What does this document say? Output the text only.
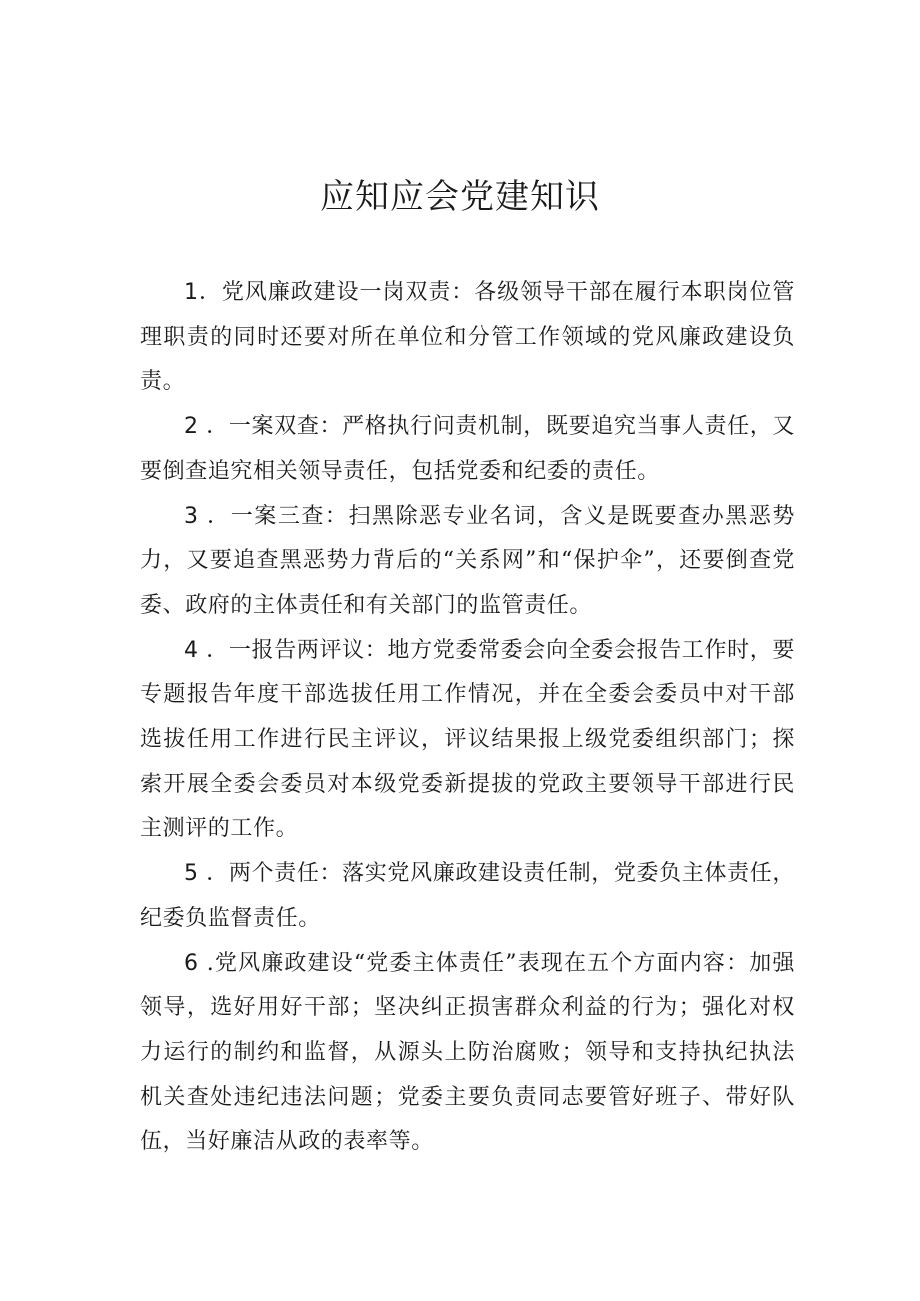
应知应会党建知识

1．党风廉政建设一岗双责：各级领导干部在履行本职岗位管理职责的同时还要对所在单位和分管工作领域的党风廉政建设负责。

2 ．一案双查：严格执行问责机制，既要追究当事人责任，又要倒查追究相关领导责任，包括党委和纪委的责任。

3 ．一案三查：扫黑除恶专业名词，含义是既要查办黑恶势力，又要追查黑恶势力背后的“关系网”和“保护伞”，还要倒查党委、政府的主体责任和有关部门的监管责任。

4 ．一报告两评议：地方党委常委会向全委会报告工作时，要专题报告年度干部选拔任用工作情况，并在全委会委员中对干部选拔任用工作进行民主评议，评议结果报上级党委组织部门；探索开展全委会委员对本级党委新提拔的党政主要领导干部进行民主测评的工作。

5 ．两个责任：落实党风廉政建设责任制，党委负主体责任，纪委负监督责任。

6 .党风廉政建设“党委主体责任”表现在五个方面内容：加强领导，选好用好干部；坚决纠正损害群众利益的行为；强化对权力运行的制约和监督，从源头上防治腐败；领导和支持执纪执法机关查处违纪违法问题；党委主要负责同志要管好班子、带好队伍，当好廉洁从政的表率等。
